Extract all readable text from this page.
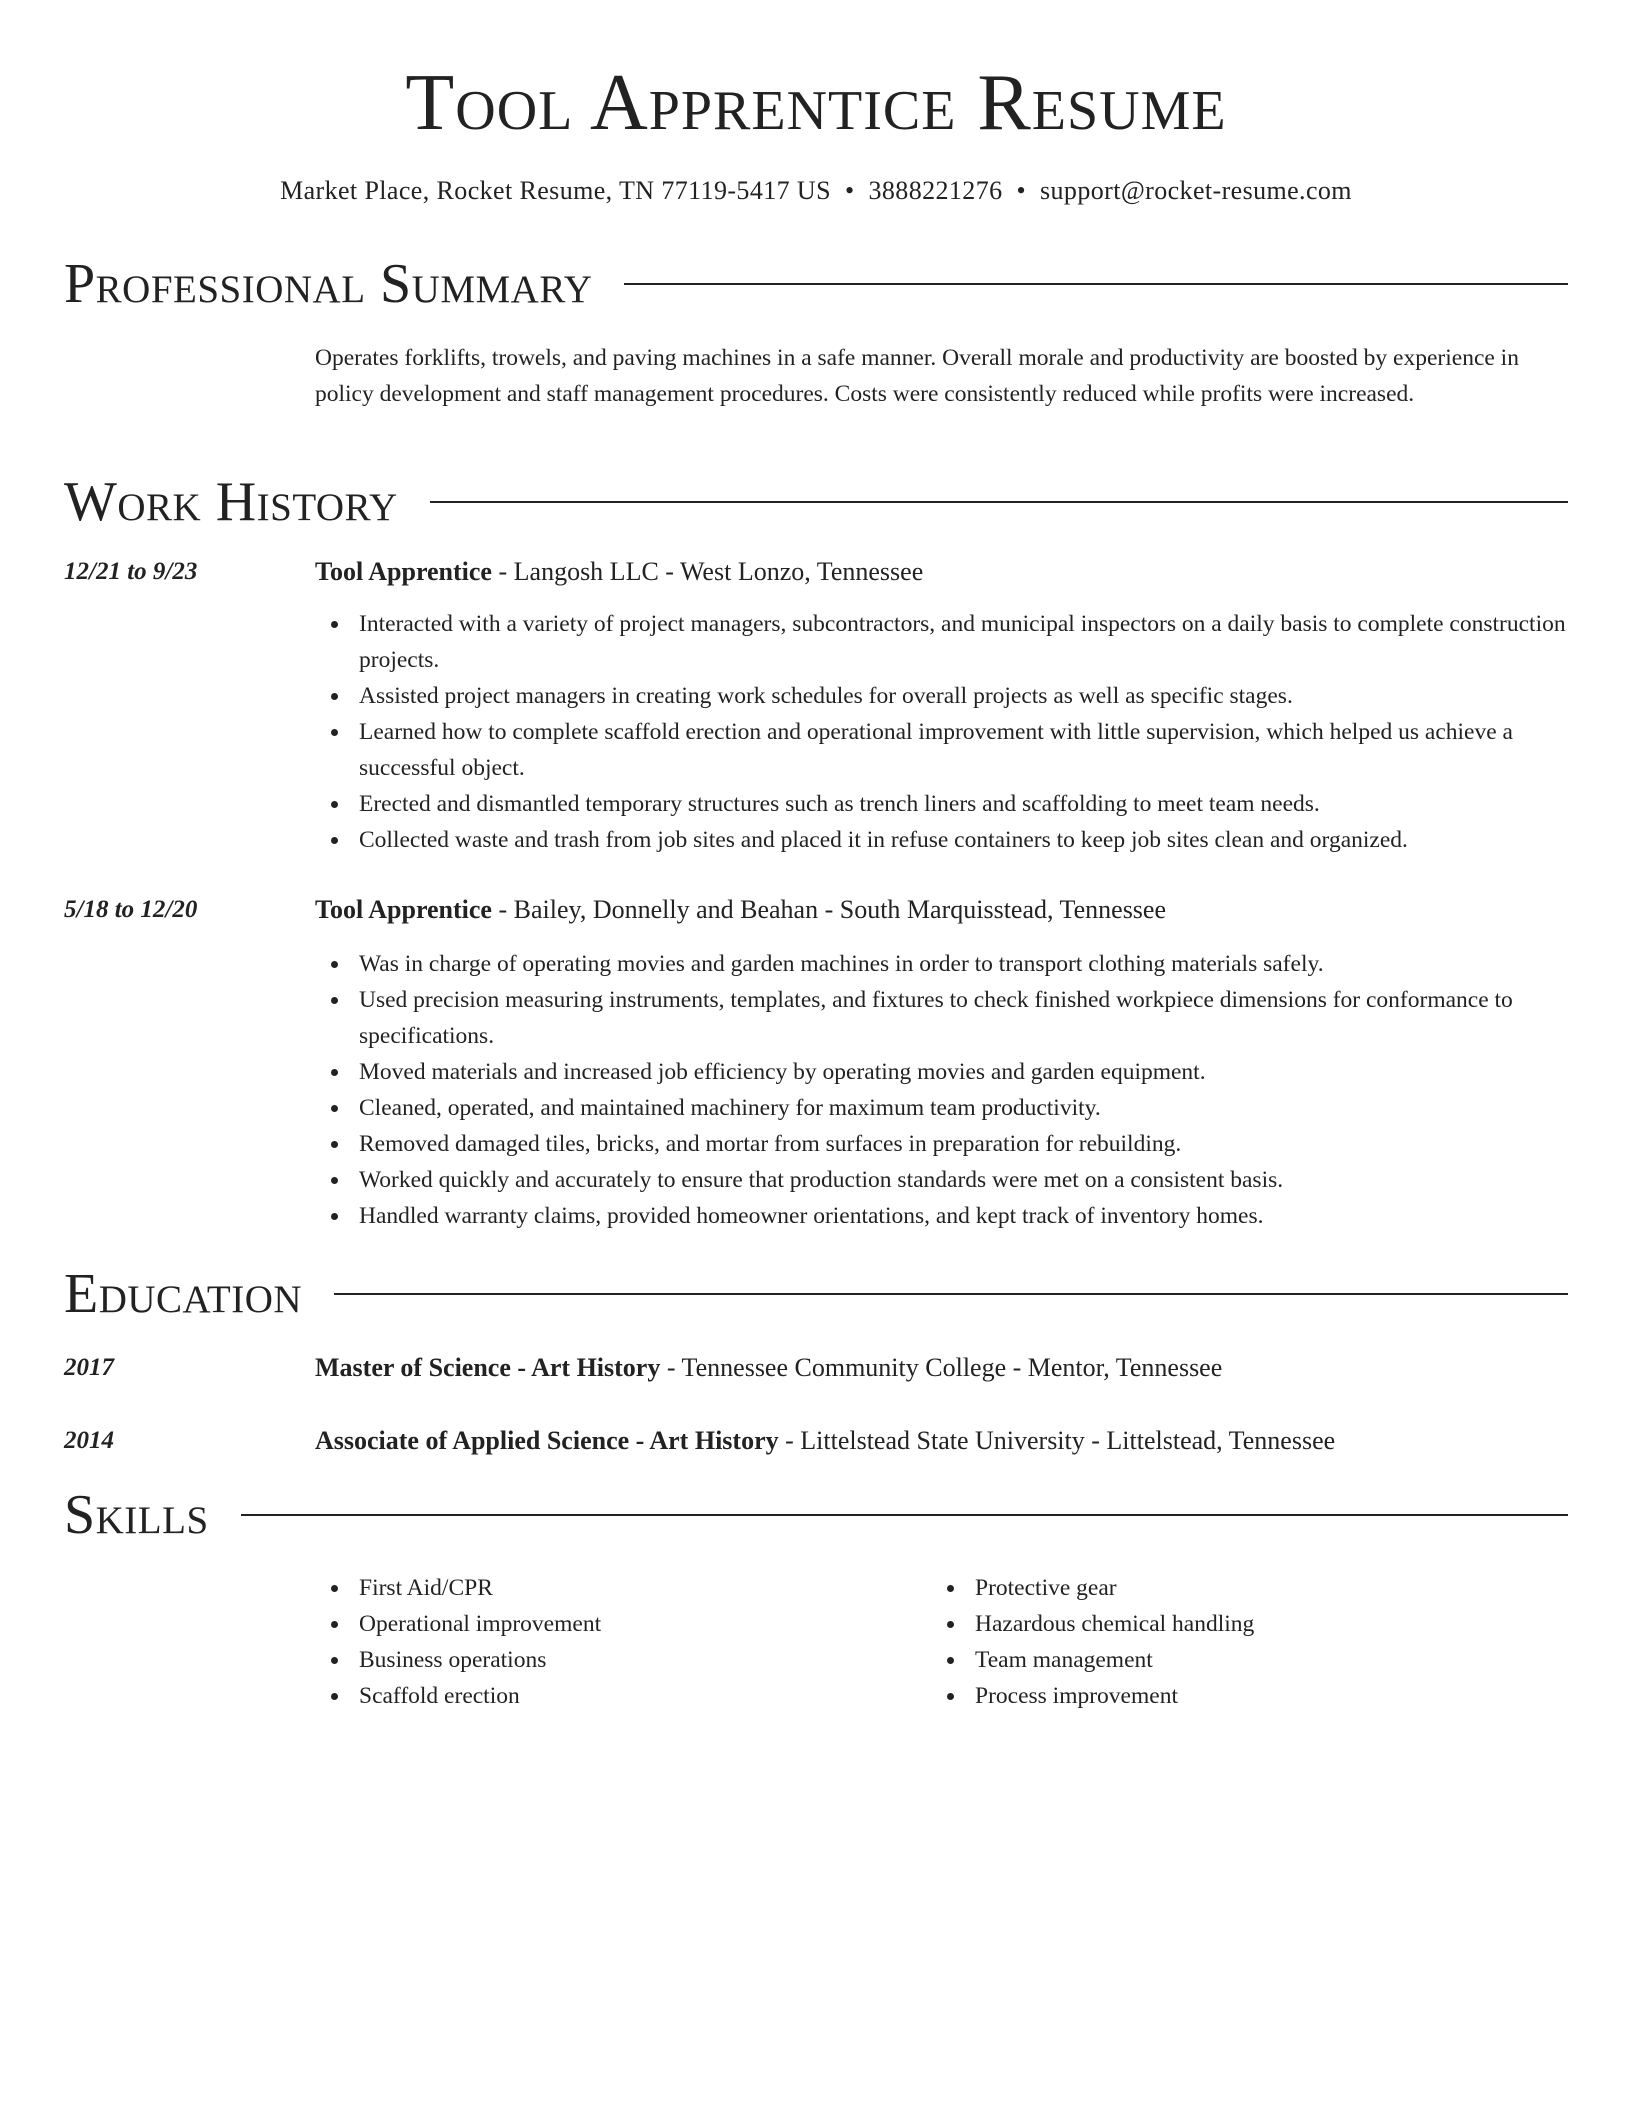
Tool Apprentice Resume
Market Place, Rocket Resume, TN 77119-5417 US • 3888221276 • support@rocket-resume.com
Professional Summary
Operates forklifts, trowels, and paving machines in a safe manner. Overall morale and productivity are boosted by experience in policy development and staff management procedures. Costs were consistently reduced while profits were increased.
Work History
12/21 to 9/23	Tool Apprentice - Langosh LLC - West Lonzo, Tennessee
Interacted with a variety of project managers, subcontractors, and municipal inspectors on a daily basis to complete construction projects.
Assisted project managers in creating work schedules for overall projects as well as specific stages.
Learned how to complete scaffold erection and operational improvement with little supervision, which helped us achieve a successful object.
Erected and dismantled temporary structures such as trench liners and scaffolding to meet team needs.
Collected waste and trash from job sites and placed it in refuse containers to keep job sites clean and organized.
5/18 to 12/20	Tool Apprentice - Bailey, Donnelly and Beahan - South Marquisstead, Tennessee
Was in charge of operating movies and garden machines in order to transport clothing materials safely.
Used precision measuring instruments, templates, and fixtures to check finished workpiece dimensions for conformance to specifications.
Moved materials and increased job efficiency by operating movies and garden equipment.
Cleaned, operated, and maintained machinery for maximum team productivity.
Removed damaged tiles, bricks, and mortar from surfaces in preparation for rebuilding.
Worked quickly and accurately to ensure that production standards were met on a consistent basis.
Handled warranty claims, provided homeowner orientations, and kept track of inventory homes.
Education
2017	Master of Science - Art History - Tennessee Community College - Mentor, Tennessee
2014	Associate of Applied Science - Art History - Littelstead State University - Littelstead, Tennessee
Skills
First Aid/CPR
Operational improvement
Business operations
Scaffold erection
Protective gear
Hazardous chemical handling
Team management
Process improvement
